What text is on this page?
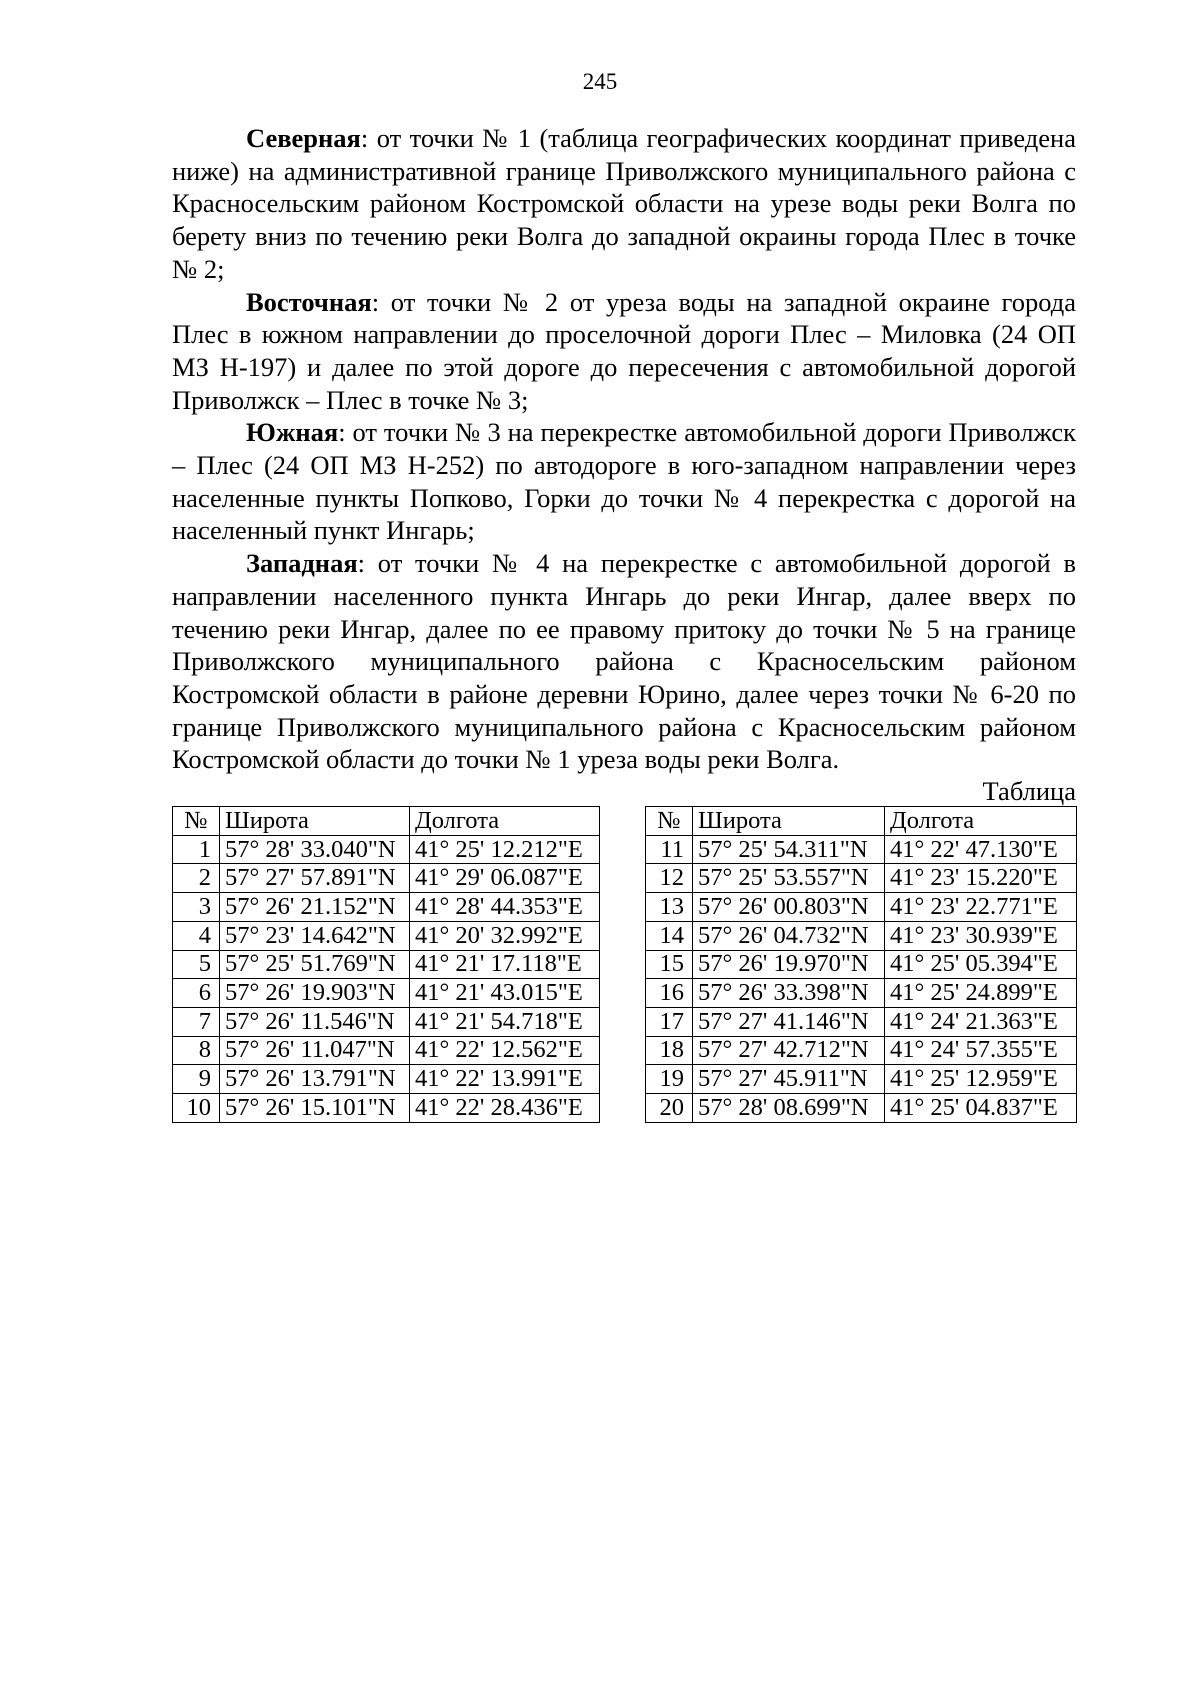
245

Северная: от точки № 1 (таблица географических координат приведена ниже) на административной границе Приволжского муниципального района с Красносельским районом Костромской области на урезе воды реки Волга по берету вниз по течению реки Волга до западной окраины города Плес в точке № 2;

Восточная: от точки № 2 от уреза воды на западной окраине города Плес в южном направлении до проселочной дороги Плес – Миловка (24 ОП МЗ Н-197) и далее по этой дороге до пересечения с автомобильной дорогой Приволжск – Плес в точке № 3;

Южная: от точки № 3 на перекрестке автомобильной дороги Приволжск – Плес (24 ОП МЗ Н-252) по автодороге в юго-западном направлении через населенные пункты Попково, Горки до точки № 4 перекрестка с дорогой на населенный пункт Ингарь;

Западная: от точки № 4 на перекрестке с автомобильной дорогой в направлении населенного пункта Ингарь до реки Ингар, далее вверх по течению реки Ингар, далее по ее правому притоку до точки № 5 на границе Приволжского муниципального района с Красносельским районом Костромской области в районе деревни Юрино, далее через точки № 6-20 по границе Приволжского муниципального района с Красносельским районом Костромской области до точки № 1 уреза воды реки Волга.

Таблица
№	Широта	Долгота		№	Широта	Долгота
1	57° 28' 33.040"N	41° 25' 12.212"E		11	57° 25' 54.311"N	41° 22' 47.130"E
2	57° 27' 57.891"N	41° 29' 06.087"E		12	57° 25' 53.557"N	41° 23' 15.220"E
3	57° 26' 21.152"N	41° 28' 44.353"E		13	57° 26' 00.803"N	41° 23' 22.771"E
4	57° 23' 14.642"N	41° 20' 32.992"E		14	57° 26' 04.732"N	41° 23' 30.939"E
5	57° 25' 51.769"N	41° 21' 17.118"E		15	57° 26' 19.970"N	41° 25' 05.394"E
6	57° 26' 19.903"N	41° 21' 43.015"E		16	57° 26' 33.398"N	41° 25' 24.899"E
7	57° 26' 11.546"N	41° 21' 54.718"E		17	57° 27' 41.146"N	41° 24' 21.363"E
8	57° 26' 11.047"N	41° 22' 12.562"E		18	57° 27' 42.712"N	41° 24' 57.355"E
9	57° 26' 13.791"N	41° 22' 13.991"E		19	57° 27' 45.911"N	41° 25' 12.959"E
10	57° 26' 15.101"N	41° 22' 28.436"E		20	57° 28' 08.699"N	41° 25' 04.837"E
